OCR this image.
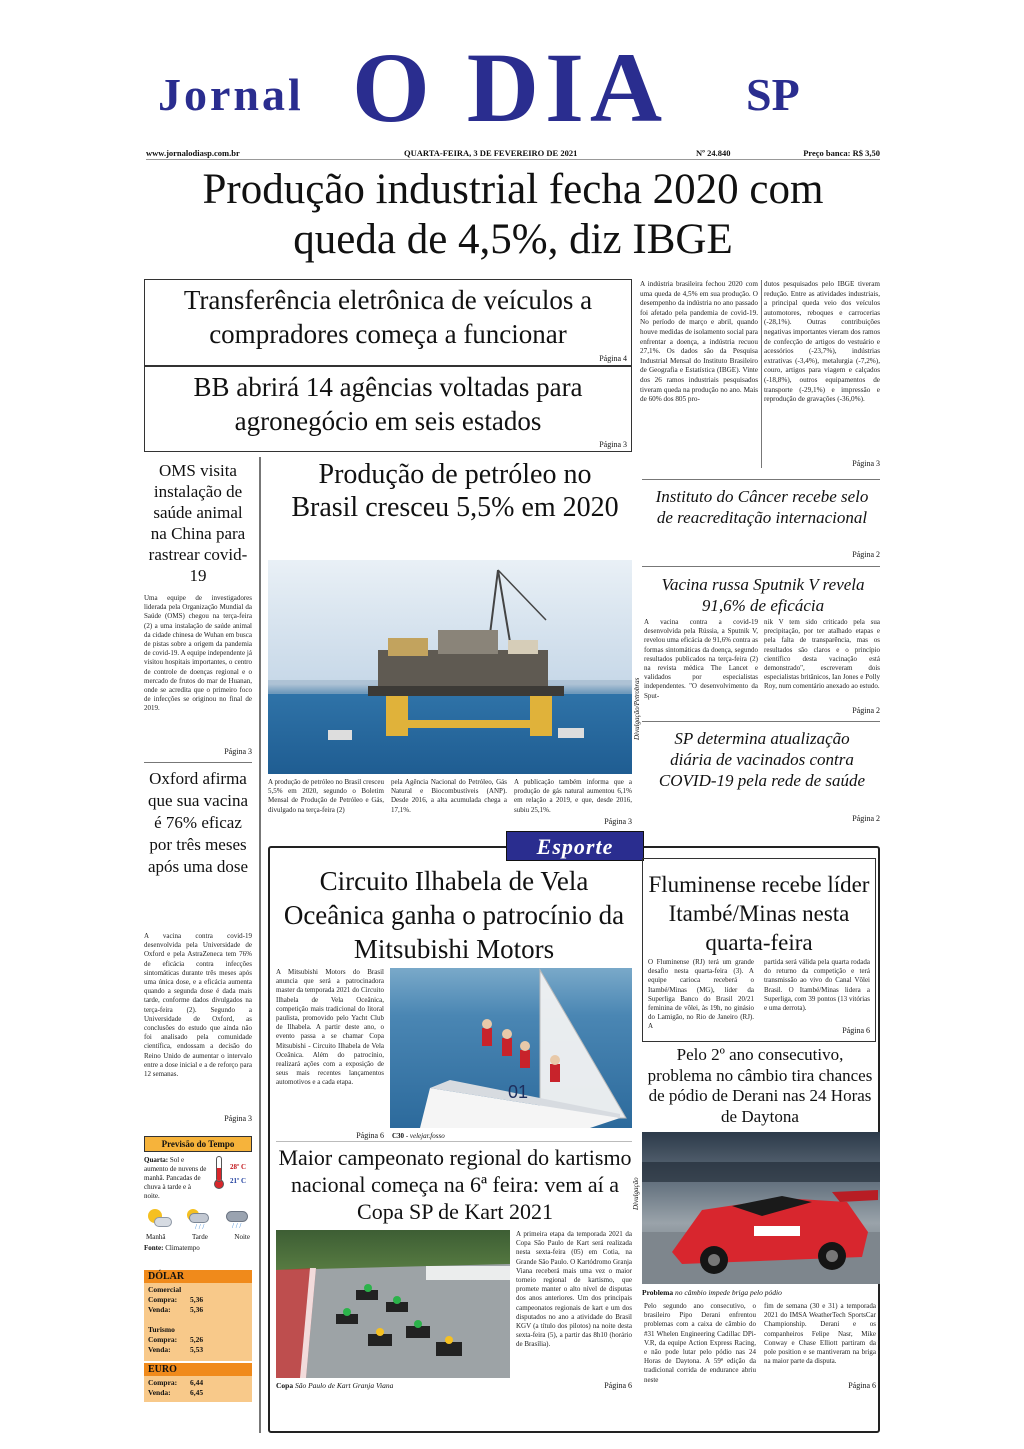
Jornal O DIA SP
www.jornalodiasp.com.br	QUARTA-FEIRA, 3 DE FEVEREIRO DE 2021	Nº 24.840	Preço banca: R$ 3,50
Produção industrial fecha 2020 com queda de 4,5%, diz IBGE
Transferência eletrônica de veículos a compradores começa a funcionar
Página 4
BB abrirá 14 agências voltadas para agronegócio em seis estados
Página 3
A indústria brasileira fechou 2020 com uma queda de 4,5% em sua produção. O desempenho da indústria no ano passado foi afetado pela pandemia de covid-19. No período de março e abril, quando houve medidas de isolamento social para enfrentar a doença, a indústria recuou 27,1%. Os dados são da Pesquisa Industrial Mensal do Instituto Brasileiro de Geografia e Estatística (IBGE). Vinte dos 26 ramos industriais pesquisados tiveram queda na produção no ano. Mais de 60% dos 805 pro-
dutos pesquisados pelo IBGE tiveram redução. Entre as atividades industriais, a principal queda veio dos veículos automotores, reboques e carrocerias (-28,1%). Outras contribuições negativas importantes vieram dos ramos de confecção de artigos do vestuário e acessórios (-23,7%), indústrias extrativas (-3,4%), metalurgia (-7,2%), couro, artigos para viagem e calçados (-18,8%), outros equipamentos de transporte (-29,1%) e impressão e reprodução de gravações (-36,0%).
Página 3
OMS visita instalação de saúde animal na China para rastrear covid-19
Uma equipe de investigadores liderada pela Organização Mundial da Saúde (OMS) chegou na terça-feira (2) a uma instalação de saúde animal da cidade chinesa de Wuhan em busca de pistas sobre a origem da pandemia de covid-19. A equipe independente já visitou hospitais importantes, o centro de controle de doenças regional e o mercado de frutos do mar de Huanan, onde se acredita que o primeiro foco de infecções se originou no final de 2019.
Página 3
Oxford afirma que sua vacina é 76% eficaz por três meses após uma dose
A vacina contra covid-19 desenvolvida pela Universidade de Oxford e pela AstraZeneca tem 76% de eficácia contra infecções sintomáticas durante três meses após uma única dose, e a eficácia aumenta quando a segunda dose é dada mais tarde, conforme dados divulgados na terça-feira (2). Segundo a Universidade de Oxford, as conclusões do estudo que ainda não foi analisado pela comunidade científica, endossam a decisão do Reino Unido de aumentar o intervalo entre a dose inicial e a de reforço para 12 semanas.
Página 3
Previsão do Tempo
Quarta: Sol e aumento de nuvens de manhã. Pancadas de chuva à tarde e à noite.
28º C
21º C
/ / /	/ / /
Manhã	Tarde	Noite
Fonte: Climatempo
DÓLAR
Comercial
Compra:	5,36
Venda:	5,36
Turismo
Compra:	5,26
Venda:	5,53
EURO
Compra:	6,44
Venda:	6,45
Produção de petróleo no Brasil cresceu 5,5% em 2020
Divulgação/Petrobras
A produção de petróleo no Brasil cresceu 5,5% em 2020, segundo o Boletim Mensal de Produção de Petróleo e Gás, divulgado na terça-feira (2)
pela Agência Nacional do Petróleo, Gás Natural e Biocombustíveis (ANP). Desde 2016, a alta acumulada chega a 17,1%.
A publicação também informa que a produção de gás natural aumentou 6,1% em relação a 2019, e que, desde 2016, subiu 25,1%.
Página 3
Instituto do Câncer recebe selo de reacreditação internacional
Página 2
Vacina russa Sputnik V revela 91,6% de eficácia
A vacina contra a covid-19 desenvolvida pela Rússia, a Sputnik V, revelou uma eficácia de 91,6% contra as formas sintomáticas da doença, segundo resultados publicados na terça-feira (2) na revista médica The Lancet e validados por especialistas independentes. "O desenvolvimento da Sput-
nik V tem sido criticado pela sua precipitação, por ter atalhado etapas e pela falta de transparência, mas os resultados são claros e o princípio científico desta vacinação está demonstrado", escreveram dois especialistas britânicos, Ian Jones e Polly Roy, num comentário anexado ao estudo.
Página 2
SP determina atualização diária de vacinados contra COVID-19 pela rede de saúde
Página 2
Esporte
Circuito Ilhabela de Vela Oceânica ganha o patrocínio da Mitsubishi Motors
A Mitsubishi Motors do Brasil anuncia que será a patrocinadora master da temporada 2021 do Circuito Ilhabela de Vela Oceânica, competição mais tradicional do litoral paulista, promovido pelo Yacht Club de Ilhabela. A partir deste ano, o evento passa a se chamar Copa Mitsubishi - Circuito Ilhabela de Vela Oceânica. Além do patrocínio, realizará ações com a exposição de seus mais recentes lançamentos automotivos e a cada etapa.
Página 6
01
C30 - velejar.fosso
Fluminense recebe líder Itambé/Minas nesta quarta-feira
O Fluminense (RJ) terá um grande desafio nesta quarta-feira (3). A equipe carioca receberá o Itambé/Minas (MG), líder da Superliga Banco do Brasil 20/21 feminina de vôlei, às 19h, no ginásio do Lamigão, no Rio de Janeiro (RJ). A
partida será válida pela quarta rodada do returno da competição e terá transmissão ao vivo do Canal Vôlei Brasil. O Itambé/Minas lidera a Superliga, com 39 pontos (13 vitórias e uma derrota).
Página 6
Pelo 2º ano consecutivo, problema no câmbio tira chances de pódio de Derani nas 24 Horas de Daytona
Divulgação
Problema no câmbio impede briga pelo pódio
Pelo segundo ano consecutivo, o brasileiro Pipo Derani enfrentou problemas com a caixa de câmbio do #31 Whelen Engineering Cadillac DPi-V.R, da equipe Action Express Racing, e não pode lutar pelo pódio nas 24 Horas de Daytona. A 59ª edição da tradicional corrida de endurance abriu neste
fim de semana (30 e 31) a temporada 2021 do IMSA WeatherTech SportsCar Championship. Derani e os companheiros Felipe Nasr, Mike Conway e Chase Elliott partiram da pole position e se mantiveram na briga na maior parte da disputa.
Página 6
Maior campeonato regional do kartismo nacional começa na 6ª feira: vem aí a Copa SP de Kart 2021
Copa São Paulo de Kart Granja Viana
A primeira etapa da temporada 2021 da Copa São Paulo de Kart será realizada nesta sexta-feira (05) em Cotia, na Grande São Paulo. O Kartódromo Granja Viana receberá mais uma vez o maior torneio regional de kartismo, que promete manter o alto nível de disputas dos anos anteriores. Um dos principais campeonatos regionais de kart e um dos disputados no ano a atividade do Brasil KGV (a título dos pilotos) na noite desta sexta-feira (5), a partir das 8h10 (horário de Brasília).
Página 6
